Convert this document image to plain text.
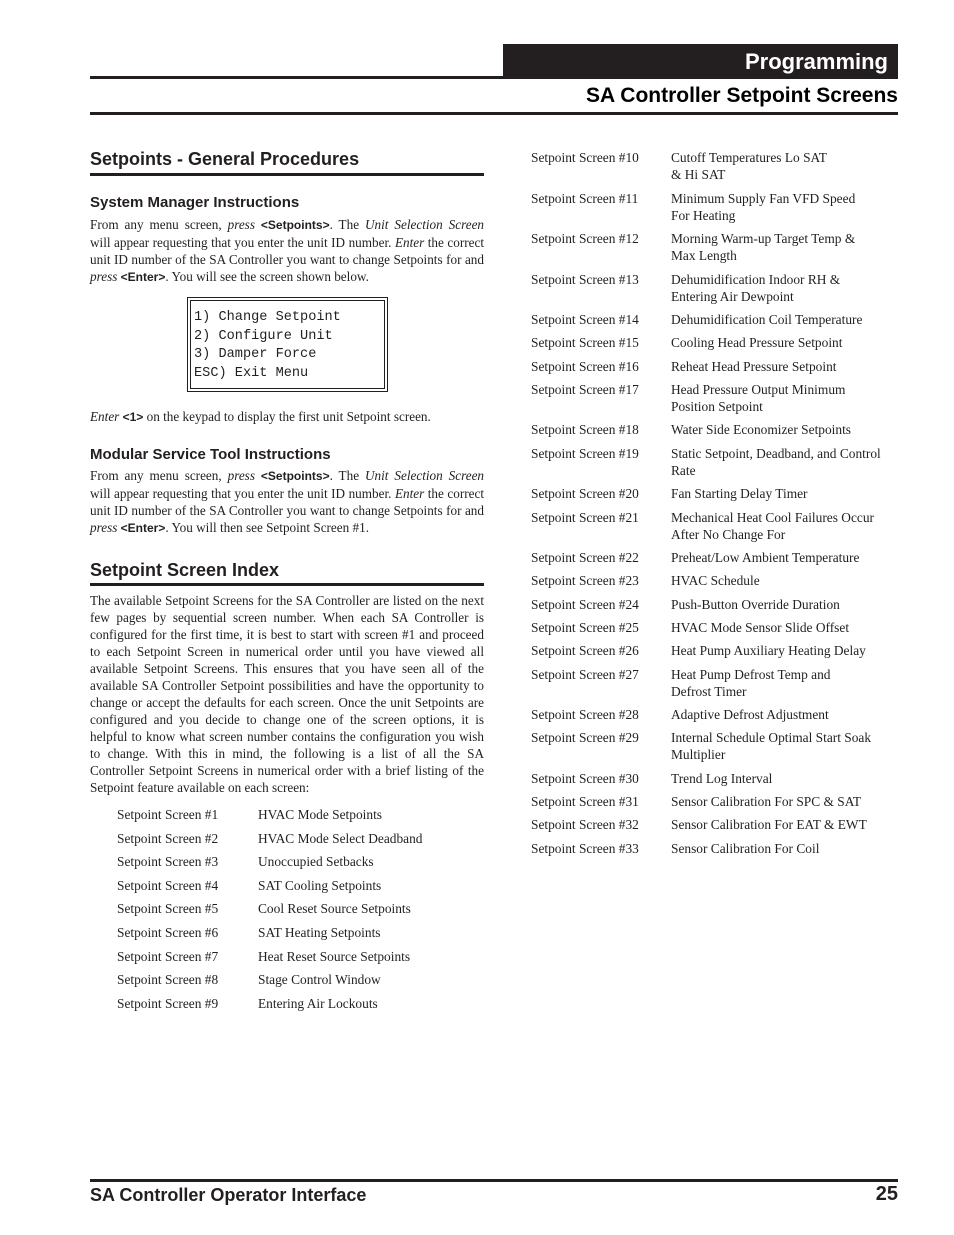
Programming
SA Controller Setpoint Screens
Setpoints - General Procedures
System Manager Instructions
From any menu screen, press <Setpoints>. The Unit Selection Screen will appear requesting that you enter the unit ID number. Enter the correct unit ID number of the SA Controller you want to change Setpoints for and press <Enter>. You will see the screen shown below.
1) Change Setpoint
2) Configure Unit
3) Damper Force
ESC) Exit Menu
Enter <1> on the keypad to display the first unit Setpoint screen.
Modular Service Tool Instructions
From any menu screen, press <Setpoints>. The Unit Selection Screen will appear requesting that you enter the unit ID number. Enter the correct unit ID number of the SA Controller you want to change Setpoints for and press <Enter>. You will then see Setpoint Screen #1.
Setpoint Screen Index
The available Setpoint Screens for the SA Controller are listed on the next few pages by sequential screen number. When each SA Controller is configured for the first time, it is best to start with screen #1 and proceed to each Setpoint Screen in numerical order until you have viewed all available Setpoint Screens. This ensures that you have seen all of the available SA Controller Setpoint possibilities and have the opportunity to change or accept the defaults for each screen. Once the unit Setpoints are configured and you decide to change one of the screen options, it is helpful to know what screen number contains the configuration you wish to change. With this in mind, the following is a list of all the SA Controller Setpoint Screens in numerical order with a brief listing of the Setpoint feature available on each screen:
Setpoint Screen #1	HVAC Mode Setpoints
Setpoint Screen #2	HVAC Mode Select Deadband
Setpoint Screen #3	Unoccupied Setbacks
Setpoint Screen #4	SAT Cooling Setpoints
Setpoint Screen #5	Cool Reset Source Setpoints
Setpoint Screen #6	SAT Heating Setpoints
Setpoint Screen #7	Heat Reset Source Setpoints
Setpoint Screen #8	Stage Control Window
Setpoint Screen #9	Entering Air Lockouts
Setpoint Screen #10 Cutoff Temperatures Lo SAT
& Hi SAT
Setpoint Screen #11 Minimum Supply Fan VFD Speed
For Heating
Setpoint Screen #12 Morning Warm-up Target Temp &
Max Length
Setpoint Screen #13 Dehumidification Indoor RH &
Entering Air Dewpoint
Setpoint Screen #14 Dehumidification Coil Temperature
Setpoint Screen #15 Cooling Head Pressure Setpoint
Setpoint Screen #16 Reheat Head Pressure Setpoint
Setpoint Screen #17 Head Pressure Output Minimum
Position Setpoint
Setpoint Screen #18 Water Side Economizer Setpoints
Setpoint Screen #19 Static Setpoint, Deadband, and Control
Rate
Setpoint Screen #20 Fan Starting Delay Timer
Setpoint Screen #21 Mechanical Heat Cool Failures Occur
After No Change For
Setpoint Screen #22 Preheat/Low Ambient Temperature
Setpoint Screen #23 HVAC Schedule
Setpoint Screen #24 Push-Button Override Duration
Setpoint Screen #25 HVAC Mode Sensor Slide Offset
Setpoint Screen #26 Heat Pump Auxiliary Heating Delay
Setpoint Screen #27 Heat Pump Defrost Temp and
Defrost Timer
Setpoint Screen #28 Adaptive Defrost Adjustment
Setpoint Screen #29 Internal Schedule Optimal Start Soak
Multiplier
Setpoint Screen #30 Trend Log Interval
Setpoint Screen #31 Sensor Calibration For SPC & SAT
Setpoint Screen #32 Sensor Calibration For EAT & EWT
Setpoint Screen #33 Sensor Calibration For Coil
SA Controller Operator Interface	25
